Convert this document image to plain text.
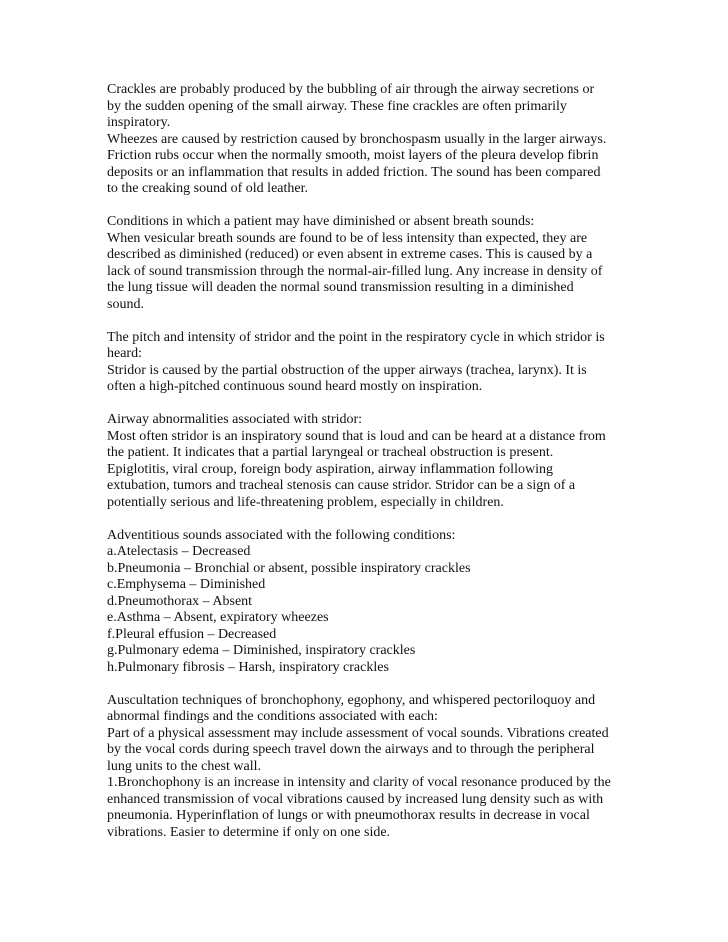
Crackles are probably produced by the bubbling of air through the airway secretions or
by the sudden opening of the small airway. These fine crackles are often primarily
inspiratory.
Wheezes are caused by restriction caused by bronchospasm usually in the larger airways.
Friction rubs occur when the normally smooth, moist layers of the pleura develop fibrin
deposits or an inflammation that results in added friction. The sound has been compared
to the creaking sound of old leather.
Conditions in which a patient may have diminished or absent breath sounds:
When vesicular breath sounds are found to be of less intensity than expected, they are
described as diminished (reduced) or even absent in extreme cases. This is caused by a
lack of sound transmission through the normal-air-filled lung. Any increase in density of
the lung tissue will deaden the normal sound transmission resulting in a diminished
sound.
The pitch and intensity of stridor and the point in the respiratory cycle in which stridor is
heard:
Stridor is caused by the partial obstruction of the upper airways (trachea, larynx). It is
often a high-pitched continuous sound heard mostly on inspiration.
Airway abnormalities associated with stridor:
Most often stridor is an inspiratory sound that is loud and can be heard at a distance from
the patient. It indicates that a partial laryngeal or tracheal obstruction is present.
Epiglotitis, viral croup, foreign body aspiration, airway inflammation following
extubation, tumors and tracheal stenosis can cause stridor. Stridor can be a sign of a
potentially serious and life-threatening problem, especially in children.
Adventitious sounds associated with the following conditions:
a.Atelectasis – Decreased
b.Pneumonia – Bronchial or absent, possible inspiratory crackles
c.Emphysema – Diminished
d.Pneumothorax – Absent
e.Asthma – Absent, expiratory wheezes
f.Pleural effusion – Decreased
g.Pulmonary edema – Diminished, inspiratory crackles
h.Pulmonary fibrosis – Harsh, inspiratory crackles
Auscultation techniques of bronchophony, egophony, and whispered pectoriloquoy and
abnormal findings and the conditions associated with each:
Part of a physical assessment may include assessment of vocal sounds. Vibrations created
by the vocal cords during speech travel down the airways and to through the peripheral
lung units to the chest wall.
1.Bronchophony is an increase in intensity and clarity of vocal resonance produced by the
enhanced transmission of vocal vibrations caused by increased lung density such as with
pneumonia. Hyperinflation of lungs or with pneumothorax results in decrease in vocal
vibrations. Easier to determine if only on one side.
